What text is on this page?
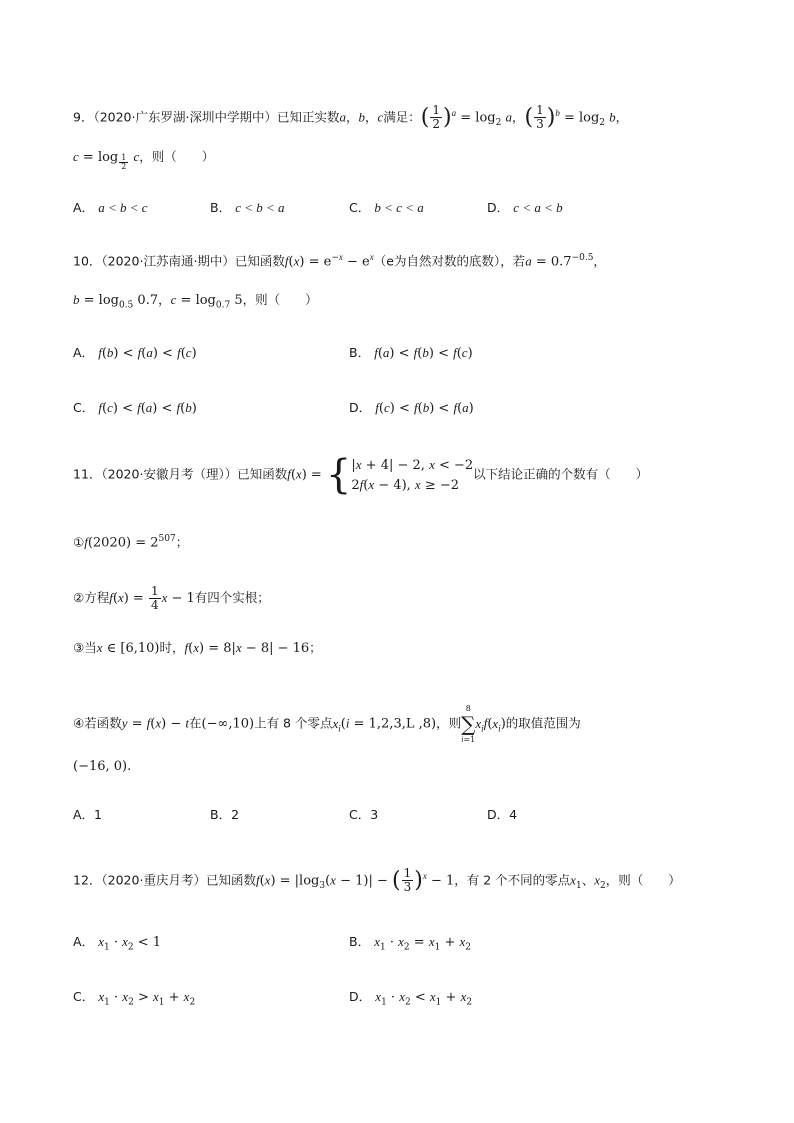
9．（2020·广东罗湖·深圳中学期中）已知正实数a，b，c满足：( $\frac{1}{2} )^a = \log_2 a$，( $\frac{1}{3} )^b = \log_2 b$，
c = log $_{\frac{1}{2}}$ c，则（　　）
A． a < b < c	B． c < b < a	C． b < c < a	D． c < a < b
10．（2020·江苏南通·期中）已知函数$f(x) = e^{-x} - e^x(e$为自然对数的底数），若$a = 0.7^{-0.5}$，
$b = \log_{0.5} 0.7$，$c = \log_{0.7} 5$，则（　　）
A． f(b) < f(a) < f(c)	B． f(a) < f(b) < f(c)
C． f(c) < f(a) < f(b)	D． f(c) < f(b) < f(a)
11．（2020·安徽月考（理））已知函数f(x) = { |x + 4| − 2, x < −2
2f(x − 4), x ≥ −2
以下结论正确的个数有（　　）
①f(2020) = $2^{507}$；
②方程$f(x) = \frac{1}{4}$ x − 1有四个实根；
③当x ∈ [6,10)时，f(x) = 8|x − 8| − 16；
④若函数y = f(x) − t在(−∞,10)上有 8 个零点$x_i(i = 1,2,3,L$ ,8)，则
8
∑
i=1
$x_if(x_i)$的取值范围为
(−16, 0).
A．1	B．2	C．3	D．4
12．（2020·重庆月考）已知函数$f(x) = |\log_3(x - 1)|$ − ( $\frac{1}{3} )^x - 1$，有 2 个不同的零点$x_1$、$x_2$，则（　　）
A． $x_1 \cdot x_2 < 1$	B． $x_1 \cdot x_2 = x_1 + x_2$
C． $x_1 \cdot x_2 > x_1 + x_2$	D． $x_1 \cdot x_2 < x_1 + x_2$
